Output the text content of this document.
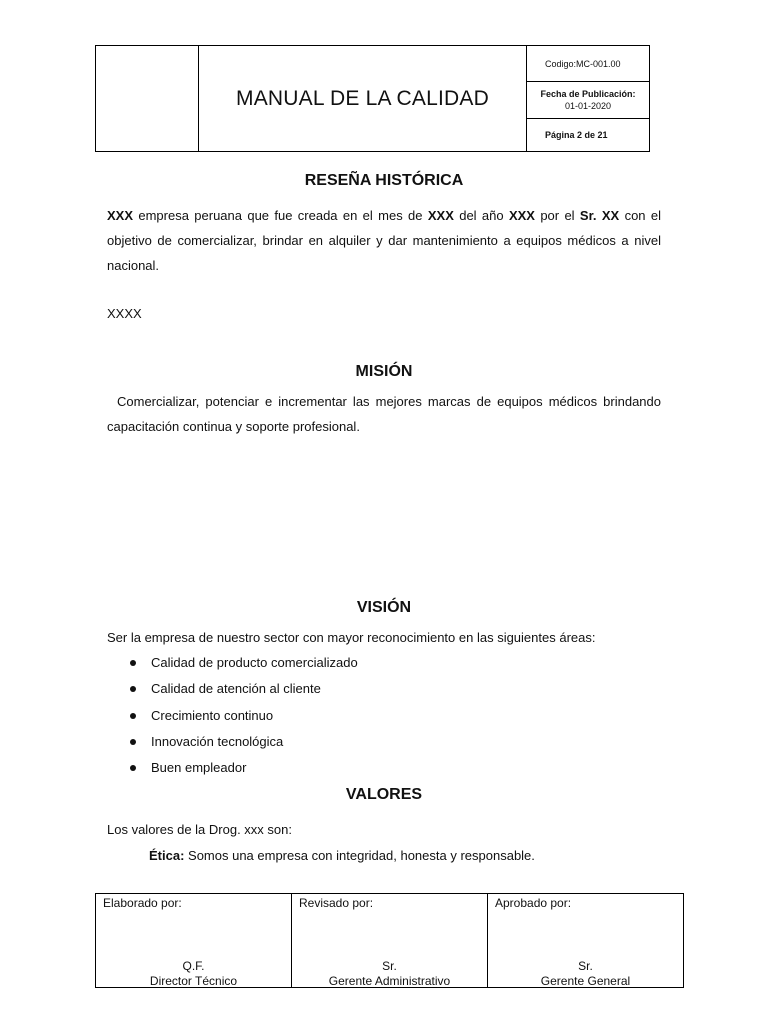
MANUAL DE LA CALIDAD
Codigo:MC-001.00
Fecha de Publicación:
01-01-2020
Página 2 de 21
RESEÑA HISTÓRICA
XXX empresa peruana que fue creada en el mes de XXX del año XXX por el Sr. XX con el objetivo de comercializar, brindar en alquiler y dar mantenimiento a equipos médicos a nivel nacional.
XXXX
MISIÓN
Comercializar, potenciar e incrementar las mejores marcas de equipos médicos brindando capacitación continua y soporte profesional.
VISIÓN
Ser la empresa de nuestro sector con mayor reconocimiento en las siguientes áreas:
Calidad de producto comercializado
Calidad de atención al cliente
Crecimiento continuo
Innovación tecnológica
Buen empleador
VALORES
Los valores de la Drog. xxx son:
Ética: Somos una empresa con integridad, honesta y responsable.
Elaborado por:
Q.F.
Director Técnico
Revisado por:
Sr.
Gerente Administrativo
Aprobado por:
Sr.
Gerente General
